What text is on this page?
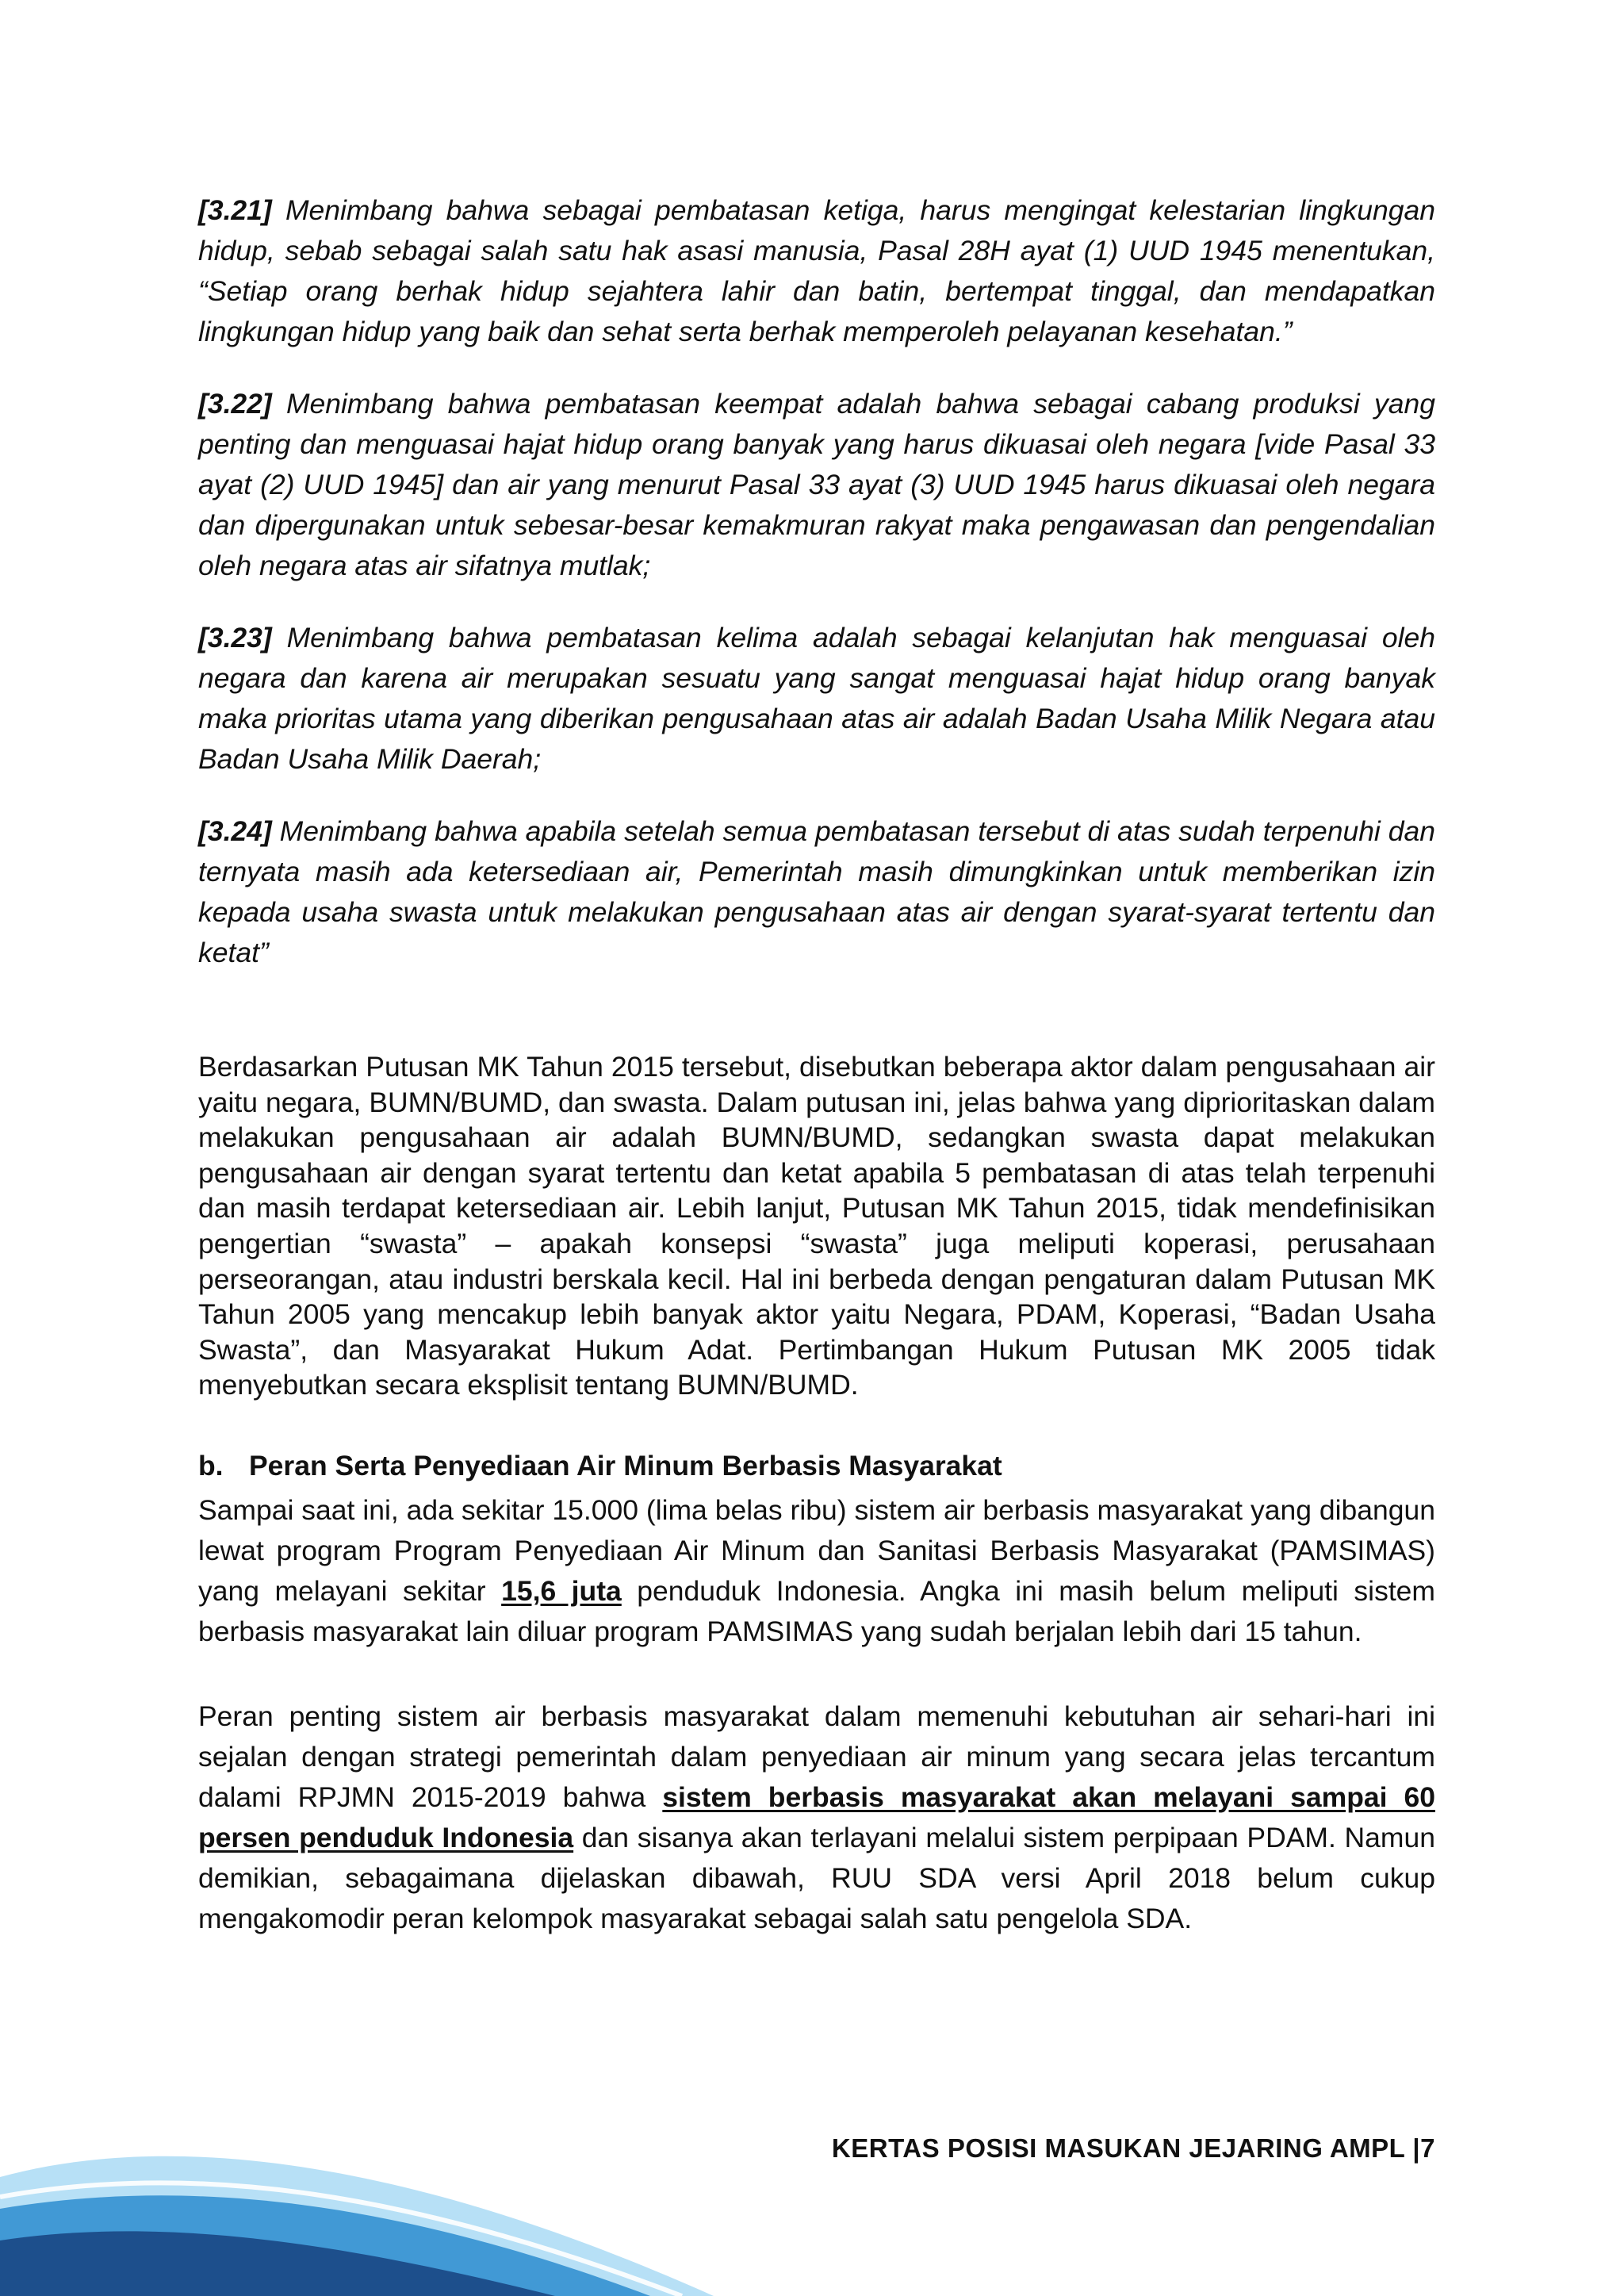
[3.21] Menimbang bahwa sebagai pembatasan ketiga, harus mengingat kelestarian lingkungan hidup, sebab sebagai salah satu hak asasi manusia, Pasal 28H ayat (1) UUD 1945 menentukan, “Setiap orang berhak hidup sejahtera lahir dan batin, bertempat tinggal, dan mendapatkan lingkungan hidup yang baik dan sehat serta berhak memperoleh pelayanan kesehatan.”

[3.22] Menimbang bahwa pembatasan keempat adalah bahwa sebagai cabang produksi yang penting dan menguasai hajat hidup orang banyak yang harus dikuasai oleh negara [vide Pasal 33 ayat (2) UUD 1945] dan air yang menurut Pasal 33 ayat (3) UUD 1945 harus dikuasai oleh negara dan dipergunakan untuk sebesar-besar kemakmuran rakyat maka pengawasan dan pengendalian oleh negara atas air sifatnya mutlak;

[3.23] Menimbang bahwa pembatasan kelima adalah sebagai kelanjutan hak menguasai oleh negara dan karena air merupakan sesuatu yang sangat menguasai hajat hidup orang banyak maka prioritas utama yang diberikan pengusahaan atas air adalah Badan Usaha Milik Negara atau Badan Usaha Milik Daerah;

[3.24] Menimbang bahwa apabila setelah semua pembatasan tersebut di atas sudah terpenuhi dan ternyata masih ada ketersediaan air, Pemerintah masih dimungkinkan untuk memberikan izin kepada usaha swasta untuk melakukan pengusahaan atas air dengan syarat-syarat tertentu dan ketat”

Berdasarkan Putusan MK Tahun 2015 tersebut, disebutkan beberapa aktor dalam pengusahaan air yaitu negara, BUMN/BUMD, dan swasta. Dalam putusan ini, jelas bahwa yang diprioritaskan dalam melakukan pengusahaan air adalah BUMN/BUMD, sedangkan swasta dapat melakukan pengusahaan air dengan syarat tertentu dan ketat apabila 5 pembatasan di atas telah terpenuhi dan masih terdapat ketersediaan air. Lebih lanjut, Putusan MK Tahun 2015, tidak mendefinisikan pengertian “swasta” – apakah konsepsi “swasta” juga meliputi koperasi, perusahaan perseorangan, atau industri berskala kecil. Hal ini berbeda dengan pengaturan dalam Putusan MK Tahun 2005 yang mencakup lebih banyak aktor yaitu Negara, PDAM, Koperasi, “Badan Usaha Swasta”, dan Masyarakat Hukum Adat. Pertimbangan Hukum Putusan MK 2005 tidak menyebutkan secara eksplisit tentang BUMN/BUMD.

b. Peran Serta Penyediaan Air Minum Berbasis Masyarakat

Sampai saat ini, ada sekitar 15.000 (lima belas ribu) sistem air berbasis masyarakat yang dibangun lewat program Program Penyediaan Air Minum dan Sanitasi Berbasis Masyarakat (PAMSIMAS) yang melayani sekitar 15,6 juta penduduk Indonesia. Angka ini masih belum meliputi sistem berbasis masyarakat lain diluar program PAMSIMAS yang sudah berjalan lebih dari 15 tahun.

Peran penting sistem air berbasis masyarakat dalam memenuhi kebutuhan air sehari-hari ini sejalan dengan strategi pemerintah dalam penyediaan air minum yang secara jelas tercantum dalami RPJMN 2015-2019 bahwa sistem berbasis masyarakat akan melayani sampai 60 persen penduduk Indonesia dan sisanya akan terlayani melalui sistem perpipaan PDAM. Namun demikian, sebagaimana dijelaskan dibawah, RUU SDA versi April 2018 belum cukup mengakomodir peran kelompok masyarakat sebagai salah satu pengelola SDA.

KERTAS POSISI MASUKAN JEJARING AMPL |7
